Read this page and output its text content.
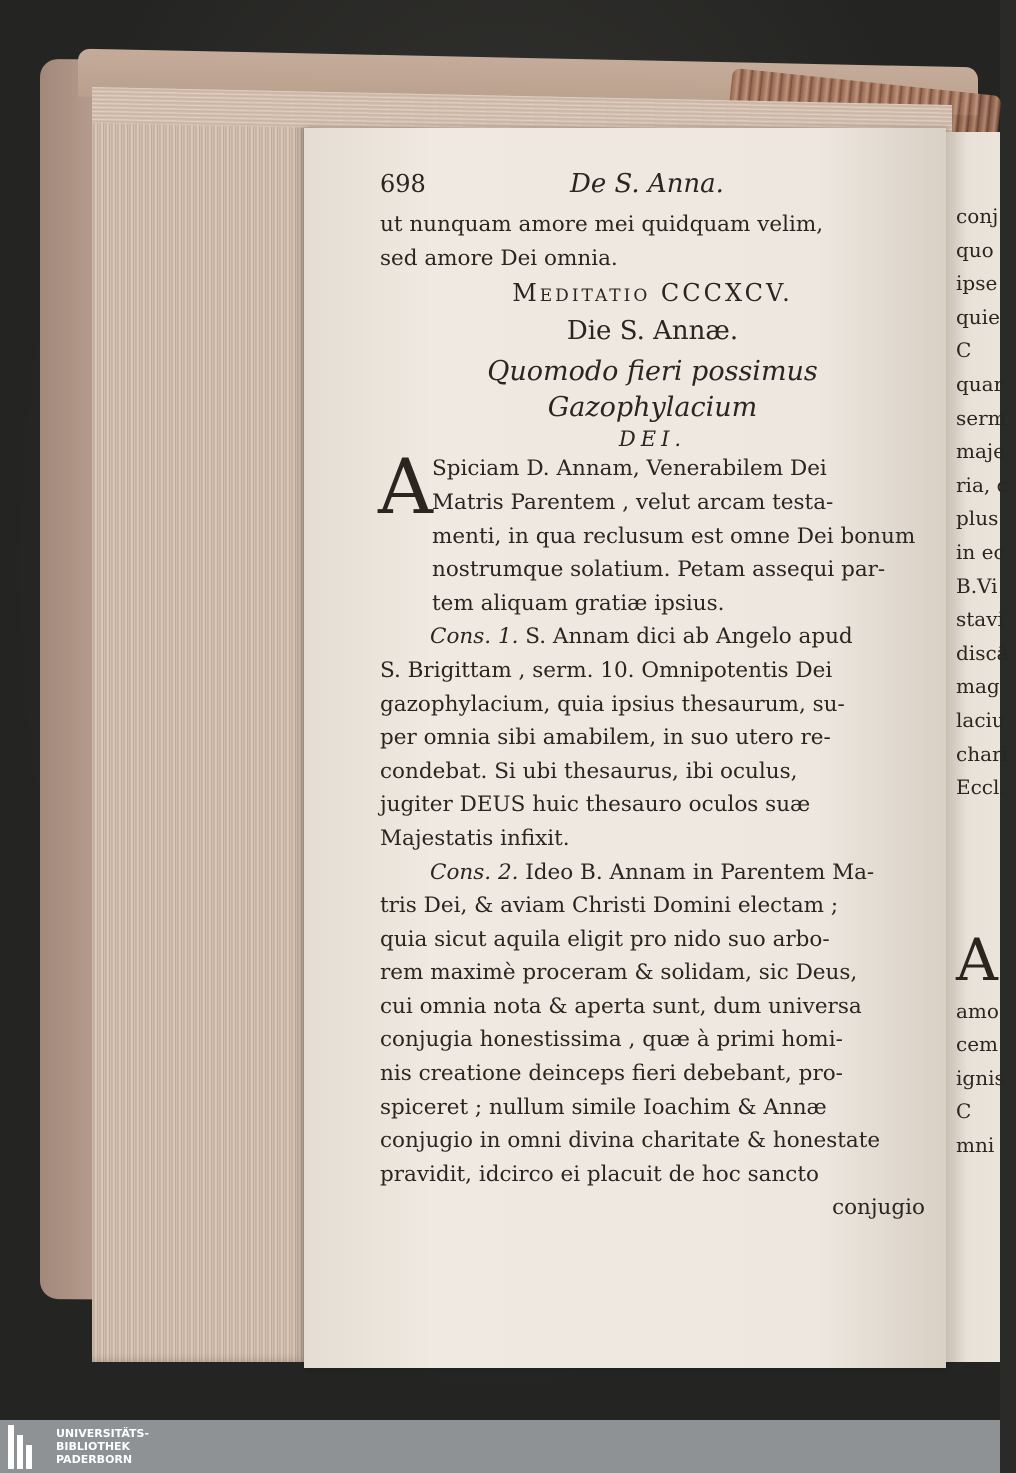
conj
quo
ipse
quie
C
quar
serm
maje
ria, c
plus
in ec
B.Vi
stavi
discâ
mag
laciu
chari
Eccl.
A
amo
cem
ignis
C
mni
698	De S. Anna.
ut nunquam amore mei quidquam velim,
sed amore Dei omnia.
Meditatio CCCXCV.
Die S. Annæ.
Quomodo fieri possimus Gazophylacium
DEI.
A Spiciam D. Annam, Venerabilem Dei
Matris Parentem , velut arcam testa-
menti, in qua reclusum est omne Dei bonum
nostrumque solatium. Petam assequi par-
tem aliquam gratiæ ipsius.
Cons. 1. S. Annam dici ab Angelo apud
S. Brigittam , serm. 10. Omnipotentis Dei
gazophylacium, quia ipsius thesaurum, su-
per omnia sibi amabilem, in suo utero re-
condebat. Si ubi thesaurus, ibi oculus,
jugiter DEUS huic thesauro oculos suæ
Majestatis infixit.
Cons. 2. Ideo B. Annam in Parentem Ma-
tris Dei, & aviam Christi Domini electam ;
quia sicut aquila eligit pro nido suo arbo-
rem maximè proceram & solidam, sic Deus,
cui omnia nota & aperta sunt, dum universa
conjugia honestissima , quæ à primi homi-
nis creatione deinceps fieri debebant, pro-
spiceret ; nullum simile Ioachim & Annæ
conjugio in omni divina charitate & honestate
pravidit, idcirco ei placuit de hoc sancto
conjugio
UNIVERSITÄTS-
BIBLIOTHEK
PADERBORN
